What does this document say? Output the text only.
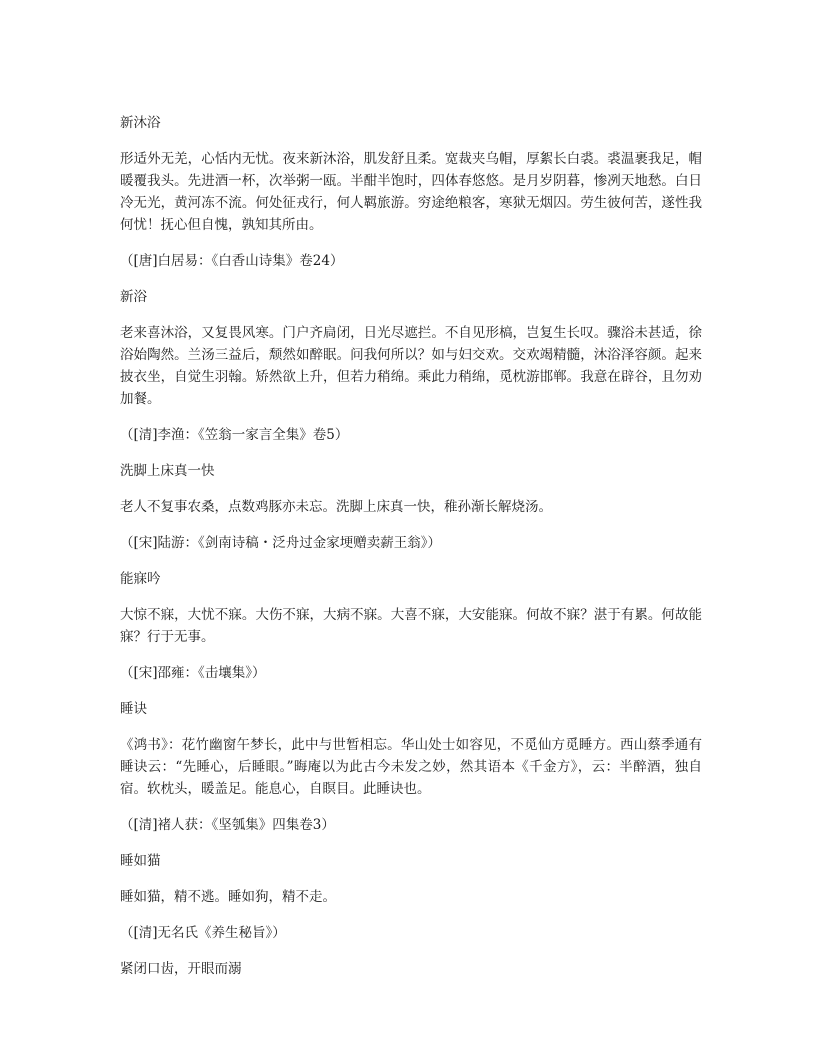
新沐浴
形适外无羌，心恬内无忧。夜来新沐浴，肌发舒且柔。宽裁夹乌帽，厚絮长白裘。裘温裹我足，帽暖覆我头。先进酒一杯，次举粥一瓯。半酣半饱时，四体春悠悠。是月岁阴暮，惨冽天地愁。白日冷无光，黄河冻不流。何处征戎行，何人羁旅游。穷途绝粮客，寒狱无烟囚。劳生彼何苦，遂性我何忧！抚心但自愧，孰知其所由。
（[唐]白居易：《白香山诗集》卷24）
新浴
老来喜沐浴，又复畏风寒。门户齐扃闭，日光尽遮拦。不自见形槁，岂复生长叹。骤浴未甚适，徐浴始陶然。兰汤三益后，颓然如醉眠。问我何所以？如与妇交欢。交欢竭精髓，沐浴泽容颜。起来披衣坐，自觉生羽翰。矫然欲上升，但若力稍绵。乘此力稍绵，觅枕游邯郸。我意在辟谷，且勿劝加餐。
（[清]李渔：《笠翁一家言全集》卷5）
洗脚上床真一快
老人不复事农桑，点数鸡豚亦未忘。洗脚上床真一快，稚孙渐长解烧汤。
（[宋]陆游：《剑南诗稿・泛舟过金家埂赠卖薪王翁》）
能寐吟
大惊不寐，大忧不寐。大伤不寐，大病不寐。大喜不寐，大安能寐。何故不寐？湛于有累。何故能寐？行于无事。
（[宋]邵雍：《击壤集》）
睡诀
《鸿书》：花竹幽窗午梦长，此中与世暂相忘。华山处士如容见，不觅仙方觅睡方。西山蔡季通有睡诀云：“先睡心，后睡眼。”晦庵以为此古今未发之妙，然其语本《千金方》，云：半醉酒，独自宿。软枕头，暖盖足。能息心，自瞑目。此睡诀也。
（[清]褚人获：《坚瓠集》四集卷3）
睡如猫
睡如猫，精不逃。睡如狗，精不走。
（[清]无名氏《养生秘旨》）
紧闭口齿，开眼而溺
